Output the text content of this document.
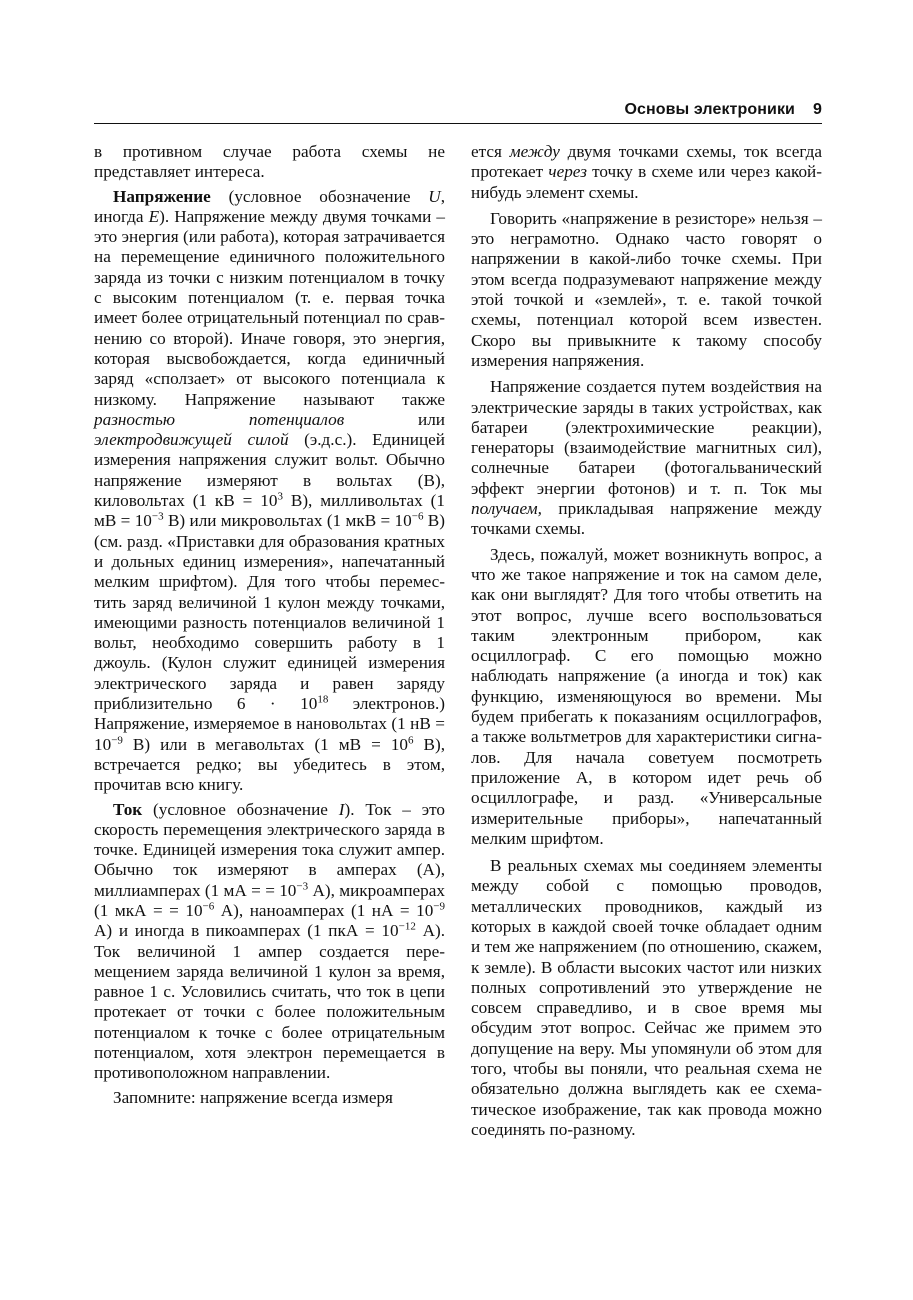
Основы электроники 9

в противном случае работа схемы не представляет интереса.

Напряжение (условное обозначение U, иногда E). Напряжение между двумя точками – это энергия (или работа), которая затрачивается на перемещение единичного положительного заряда из точки с низким потенциалом в точку с высоким потенциалом (т. е. первая точка имеет более отрицательный потенциал по сравнению со второй). Иначе говоря, это энергия, которая высвобождается, когда единичный заряд «сползает» от высокого потенциала к низкому. Напряжение называют также разностью потенциалов или электродвижущей силой (э.д.с.). Единицей измерения напряжения служит вольт. Обычно напряжение измеряют в вольтах (В), киловольтах (1 кВ = $10^3$ В), милливольтах (1 мВ = $10^{-3}$ В) или микровольтах (1 мкВ = $10^{-6}$ В) (см. разд. «Приставки для образования кратных и дольных единиц измерения», напечатанный мелким шрифтом). Для того чтобы переместить заряд величиной 1 кулон между точками, имеющими разность потенциалов величиной 1 вольт, необходимо совершить работу в 1 джоуль. (Кулон служит единицей измерения электрического заряда и равен заряду приблизительно $6 \cdot 10^{18}$ электронов.) Напряжение, измеряемое в нановольтах (1 нВ = $10^{-9}$ В) или в мегавольтах (1 мВ = $10^6$ В), встречается редко; вы убедитесь в этом, прочитав всю книгу.

Ток (условное обозначение I). Ток – это скорость перемещения электрического заряда в точке. Единицей измерения тока служит ампер. Обычно ток измеряют в амперах (А), миллиамперах (1 мА = = $10^{-3}$ А), микроамперах (1 мкА = = $10^{-6}$ А), наноамперах (1 нА = $10^{-9}$ А) и иногда в пикоамперах (1 пкА = $10^{-12}$ А). Ток величиной 1 ампер создается перемещением заряда величиной 1 кулон за время, равное 1 с. Условились считать, что ток в цепи протекает от точки с более положительным потенциалом к точке с более отрицательным потенциалом, хотя электрон перемещается в противоположном направлении.

Запомните: напряжение всегда измеря

ется между двумя точками схемы, ток всегда протекает через точку в схеме или через какой-нибудь элемент схемы.

Говорить «напряжение в резисторе» нельзя – это неграмотно. Однако часто говорят о напряжении в какой-либо точке схемы. При этом всегда подразумевают напряжение между этой точкой и «землей», т. е. такой точкой схемы, потенциал которой всем известен. Скоро вы привыкните к такому способу измерения напряжения.

Напряжение создается путем воздействия на электрические заряды в таких устройствах, как батареи (электрохимические реакции), генераторы (взаимодействие магнитных сил), солнечные батареи (фотогальванический эффект энергии фотонов) и т. п. Ток мы получаем, прикладывая напряжение между точками схемы.

Здесь, пожалуй, может возникнуть вопрос, а что же такое напряжение и ток на самом деле, как они выглядят? Для того чтобы ответить на этот вопрос, лучше всего воспользоваться таким электронным прибором, как осциллограф. С его помощью можно наблюдать напряжение (а иногда и ток) как функцию, изменяющуюся во времени. Мы будем прибегать к показаниям осциллографов, а также вольтметров для характеристики сигналов. Для начала советуем посмотреть приложение А, в котором идет речь об осциллографе, и разд. «Универсальные измерительные приборы», напечатанный мелким шрифтом.

В реальных схемах мы соединяем элементы между собой с помощью проводов, металлических проводников, каждый из которых в каждой своей точке обладает одним и тем же напряжением (по отношению, скажем, к земле). В области высоких частот или низких полных сопротивлений это утверждение не совсем справедливо, и в свое время мы обсудим этот вопрос. Сейчас же примем это допущение на веру. Мы упомянули об этом для того, чтобы вы поняли, что реальная схема не обязательно должна выглядеть как ее схематическое изображение, так как провода можно соединять по-разному.
